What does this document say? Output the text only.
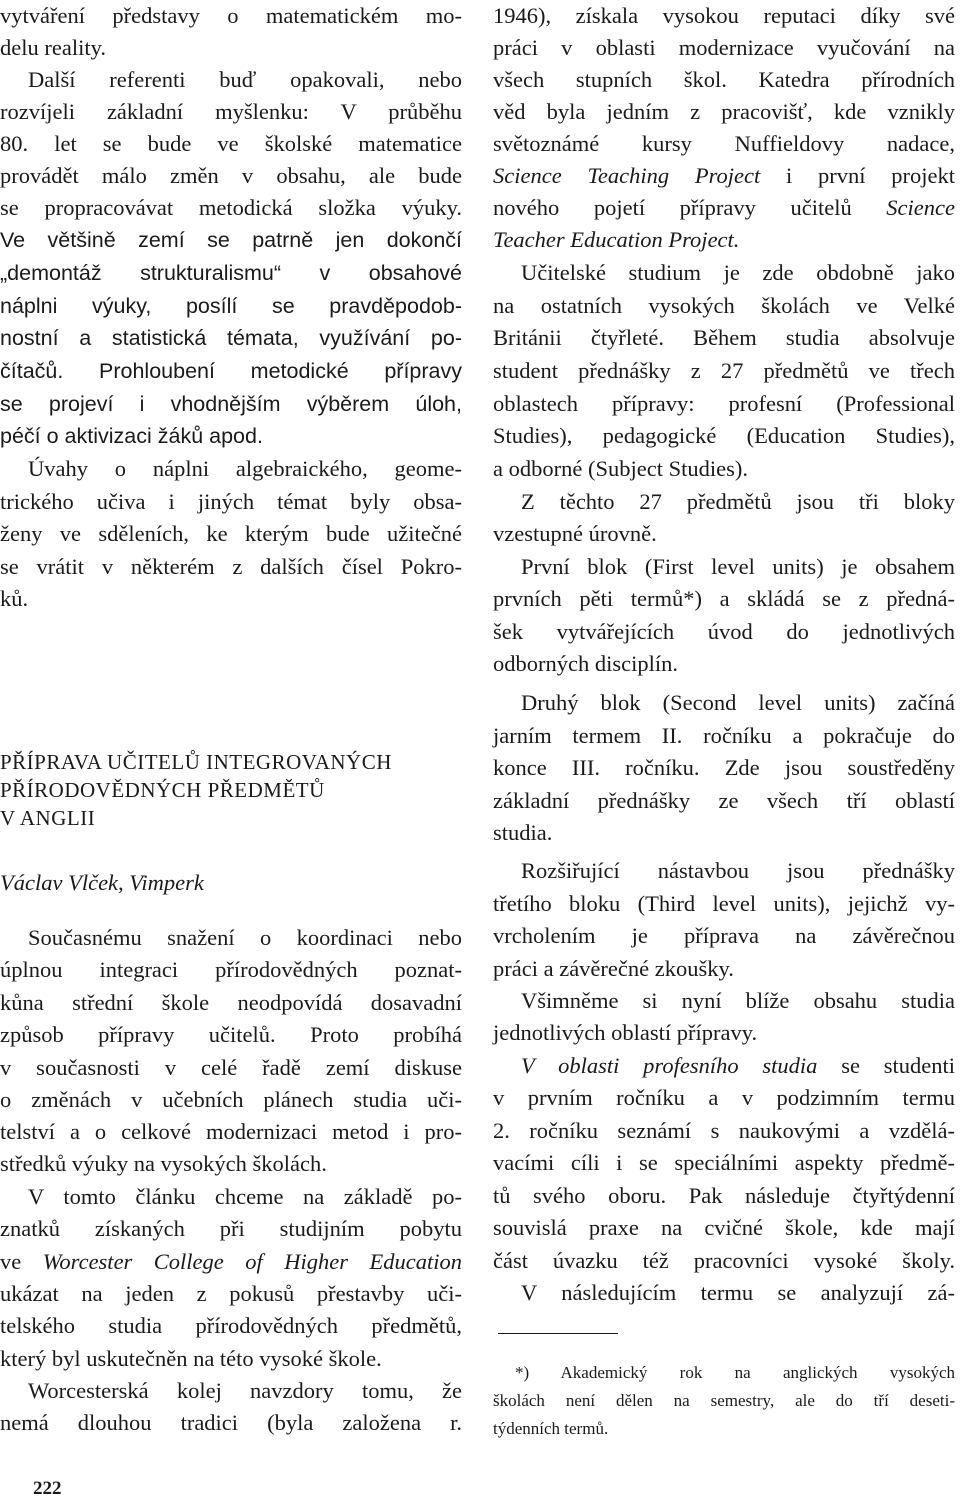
vytváření představy o matematickém mo-
delu reality.
Další referenti buď opakovali, nebo
rozvíjeli základní myšlenku: V průběhu
80. let se bude ve školské matematice
provádět málo změn v obsahu, ale bude
se propracovávat metodická složka výuky.
Ve většině zemí se patrně jen dokončí
„demontáž strukturalismu“ v obsahové
náplni výuky, posílí se pravděpodob-
nostní a statistická témata, využívání po-
čítačů. Prohloubení metodické přípravy
se projeví i vhodnějším výběrem úloh,
péčí o aktivizaci žáků apod.
Úvahy o náplni algebraického, geome-
trického učiva i jiných témat byly obsa-
ženy ve sděleních, ke kterým bude užitečné
se vrátit v některém z dalších čísel Pokro-
ků.
PŘÍPRAVA UČITELŮ INTEGROVANÝCH
PŘÍRODOVĚDNÝCH PŘEDMĚTŮ
V ANGLII
Václav Vlček, Vimperk
Současnému snažení o koordinaci nebo
úplnou integraci přírodovědných poznat-
kůna střední škole neodpovídá dosavadní
způsob přípravy učitelů. Proto probíhá
v současnosti v celé řadě zemí diskuse
o změnách v učebních plánech studia uči-
telství a o celkové modernizaci metod i pro-
středků výuky na vysokých školách.
V tomto článku chceme na základě po-
znatků získaných při studijním pobytu
ve Worcester College of Higher Education
ukázat na jeden z pokusů přestavby uči-
telského studia přírodovědných předmětů,
který byl uskutečněn na této vysoké škole.
Worcesterská kolej navzdory tomu, že
nemá dlouhou tradici (byla založena r.
1946), získala vysokou reputaci díky své
práci v oblasti modernizace vyučování na
všech stupních škol. Katedra přírodních
věd byla jedním z pracovišť, kde vznikly
světoznámé kursy Nuffieldovy nadace,
Science Teaching Project i první projekt
nového pojetí přípravy učitelů Science
Teacher Education Project.
Učitelské studium je zde obdobně jako
na ostatních vysokých školách ve Velké
Británii čtyřleté. Během studia absolvuje
student přednášky z 27 předmětů ve třech
oblastech přípravy: profesní (Professional
Studies), pedagogické (Education Studies),
a odborné (Subject Studies).
Z těchto 27 předmětů jsou tři bloky
vzestupné úrovně.
První blok (First level units) je obsahem
prvních pěti termů*) a skládá se z předná-
šek vytvářejících úvod do jednotlivých
odborných disciplín.
Druhý blok (Second level units) začíná
jarním termem II. ročníku a pokračuje do
konce III. ročníku. Zde jsou soustředěny
základní přednášky ze všech tří oblastí
studia.
Rozšiřující nástavbou jsou přednášky
třetího bloku (Third level units), jejichž vy-
vrcholením je příprava na závěrečnou
práci a závěrečné zkoušky.
Všimněme si nyní blíže obsahu studia
jednotlivých oblastí přípravy.
V oblasti profesního studia se studenti
v prvním ročníku a v podzimním termu
2. ročníku seznámí s naukovými a vzdělá-
vacími cíli i se speciálními aspekty předmě-
tů svého oboru. Pak následuje čtyřtýdenní
souvislá praxe na cvičné škole, kde mají
část úvazku též pracovníci vysoké školy.
V následujícím termu se analyzují zá-
*) Akademický rok na anglických vysokých
školách není dělen na semestry, ale do tří deseti-
týdenních termů.
222
